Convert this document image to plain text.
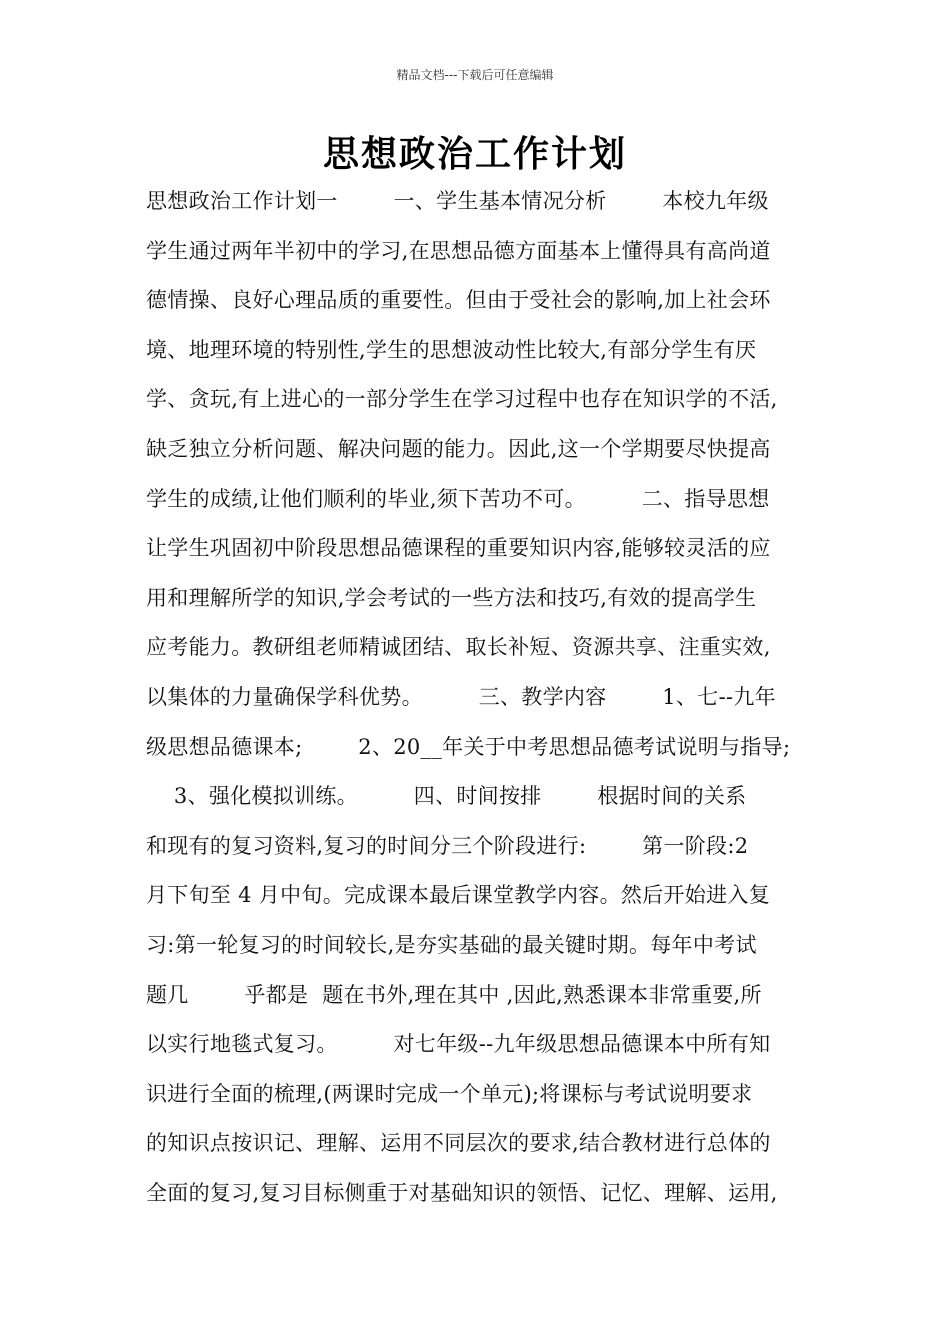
精品文档---下载后可任意编辑
思想政治工作计划
思想政治工作计划一        一、学生基本情况分析        本校九年级
学生通过两年半初中的学习,在思想品德方面基本上懂得具有高尚道
德情操、良好心理品质的重要性。但由于受社会的影响,加上社会环
境、地理环境的特别性,学生的思想波动性比较大,有部分学生有厌
学、贪玩,有上进心的一部分学生在学习过程中也存在知识学的不活,
缺乏独立分析问题、解决问题的能力。因此,这一个学期要尽快提高
学生的成绩,让他们顺利的毕业,须下苦功不可。        二、指导思想
让学生巩固初中阶段思想品德课程的重要知识内容,能够较灵活的应
用和理解所学的知识,学会考试的一些方法和技巧,有效的提高学生
应考能力。教研组老师精诚团结、取长补短、资源共享、注重实效,
以集体的力量确保学科优势。        三、教学内容        1、七--九年
级思想品德课本;        2、20__年关于中考思想品德考试说明与指导;
3、强化模拟训练。        四、时间按排        根据时间的关系
和现有的复习资料,复习的时间分三个阶段进行:        第一阶段:2
月下旬至 4 月中旬。完成课本最后课堂教学内容。然后开始进入复
习:第一轮复习的时间较长,是夯实基础的最关键时期。每年中考试
题几        乎都是  题在书外,理在其中 ,因此,熟悉课本非常重要,所
以实行地毯式复习。        对七年级--九年级思想品德课本中所有知
识进行全面的梳理,(两课时完成一个单元);将课标与考试说明要求
的知识点按识记、理解、运用不同层次的要求,结合教材进行总体的
全面的复习,复习目标侧重于对基础知识的领悟、记忆、理解、运用,
